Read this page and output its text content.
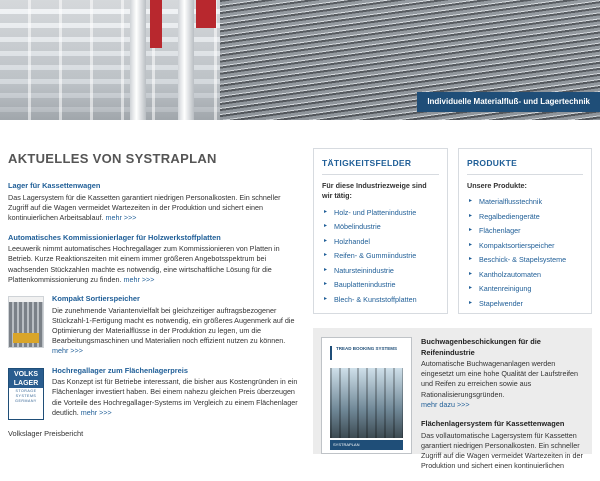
Individuelle Materialfluß- und Lagertechnik
AKTUELLES VON SYSTRAPLAN
Lager für Kassettenwagen

Das Lagersystem für die Kassetten garantiert niedrigen Personalkosten. Ein schneller Zugriff auf die Wagen vermeidet Wartezeiten in der Produktion und sichert einen kontinuierlichen Arbeitsablauf. mehr >>>

Automatisches Kommissionierlager für Holzwerkstoffplatten

Leeuwerik nimmt automatisches Hochregallager zum Kommissionieren von Platten in Betrieb. Kurze Reaktionszeiten mit einem immer größeren Angebotsspektrum bei wachsenden Stückzahlen machte es notwendig, eine wirtschaftliche Lösung für die Plattenkommissionierung zu finden. mehr >>>

Kompakt Sortierspeicher

Die zunehmende Variantenvielfalt bei gleichzeitiger auftragsbezogener Stückzahl-1-Fertigung macht es notwendig, ein größeres Augenmerk auf die Optimierung der Materialflüsse in der Produktion zu legen, um die Bearbeitungsmaschinen und Materialien noch effizient nutzen zu können.
mehr >>>

VOLKS
LAGER
STORAGE SYSTEMS GERMANY
Hochregallager zum Flächenlagerpreis

Das Konzept ist für Betriebe interessant, die bisher aus Kostengründen in ein Flächenlager investiert haben. Bei einem nahezu gleichen Preis überzeugen die Vorteile des Hochregallager-Systems im Vergleich zu einem Flächenlager deutlich. mehr >>>

Volkslager Preisbericht
TÄTIGKEITSFELDER
Für diese Industriezweige sind wir tätig:
▸ Holz- und Plattenindustrie
▸ Möbelindustrie
▸ Holzhandel
▸ Reifen- & Gummiindustrie
▸ Natursteinindustrie
▸ Bauplattenindustrie
▸ Blech- & Kunststoffplatten
PRODUKTE
Unsere Produkte:
▸ Materialflusstechnik
▸ Regalbediengeräte
▸ Flächenlager
▸ Kompaktsortierspeicher
▸ Beschick- & Stapelsysteme
▸ Kantholzautomaten
▸ Kantenreinigung
▸ Stapelwender
TREAD BOOKING SYSTEMS
SYSTRAPLAN
Buchwagenbeschickungen für die Reifenindustrie

Automatische Buchwagenanlagen werden eingesetzt um eine hohe Qualität der Laufstreifen und Reifen zu erreichen sowie aus Rationalisierungsgründen.
mehr dazu >>>

Flächenlagersystem für Kassettenwagen

Das vollautomatische Lagersystem für Kassetten garantiert niedrigen Personalkosten. Ein schneller Zugriff auf die Wagen vermeidet Wartezeiten in der Produktion und sichert einen kontinuierlichen
